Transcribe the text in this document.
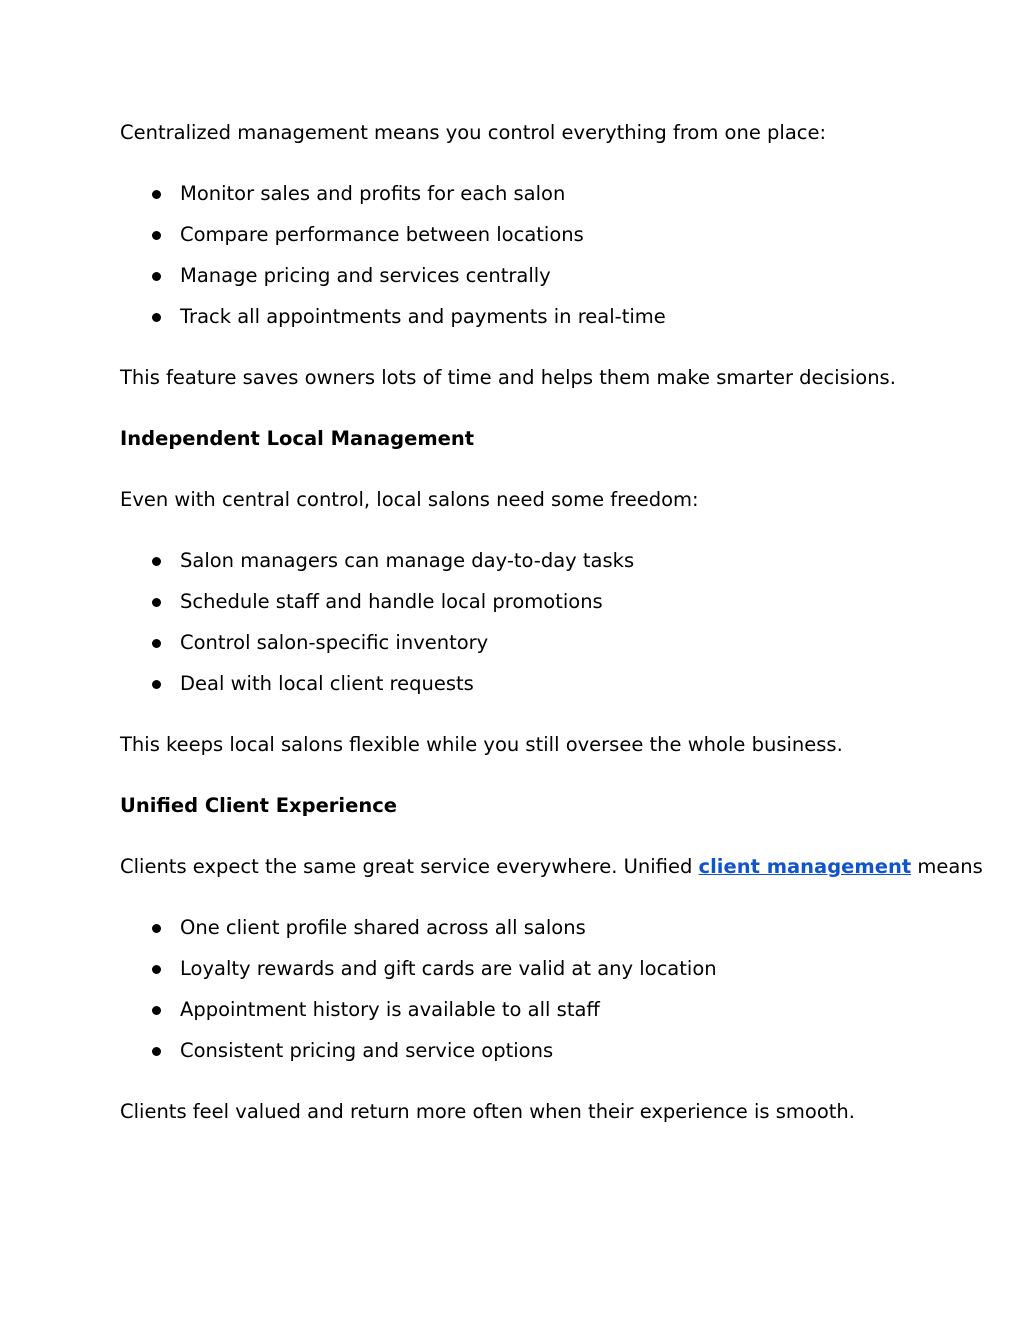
Centralized management means you control everything from one place:

Monitor sales and profits for each salon
Compare performance between locations
Manage pricing and services centrally
Track all appointments and payments in real-time

This feature saves owners lots of time and helps them make smarter decisions.

Independent Local Management

Even with central control, local salons need some freedom:

Salon managers can manage day-to-day tasks
Schedule staff and handle local promotions
Control salon-specific inventory
Deal with local client requests

This keeps local salons flexible while you still oversee the whole business.

Unified Client Experience

Clients expect the same great service everywhere. Unified client management means

One client profile shared across all salons
Loyalty rewards and gift cards are valid at any location
Appointment history is available to all staff
Consistent pricing and service options

Clients feel valued and return more often when their experience is smooth.
